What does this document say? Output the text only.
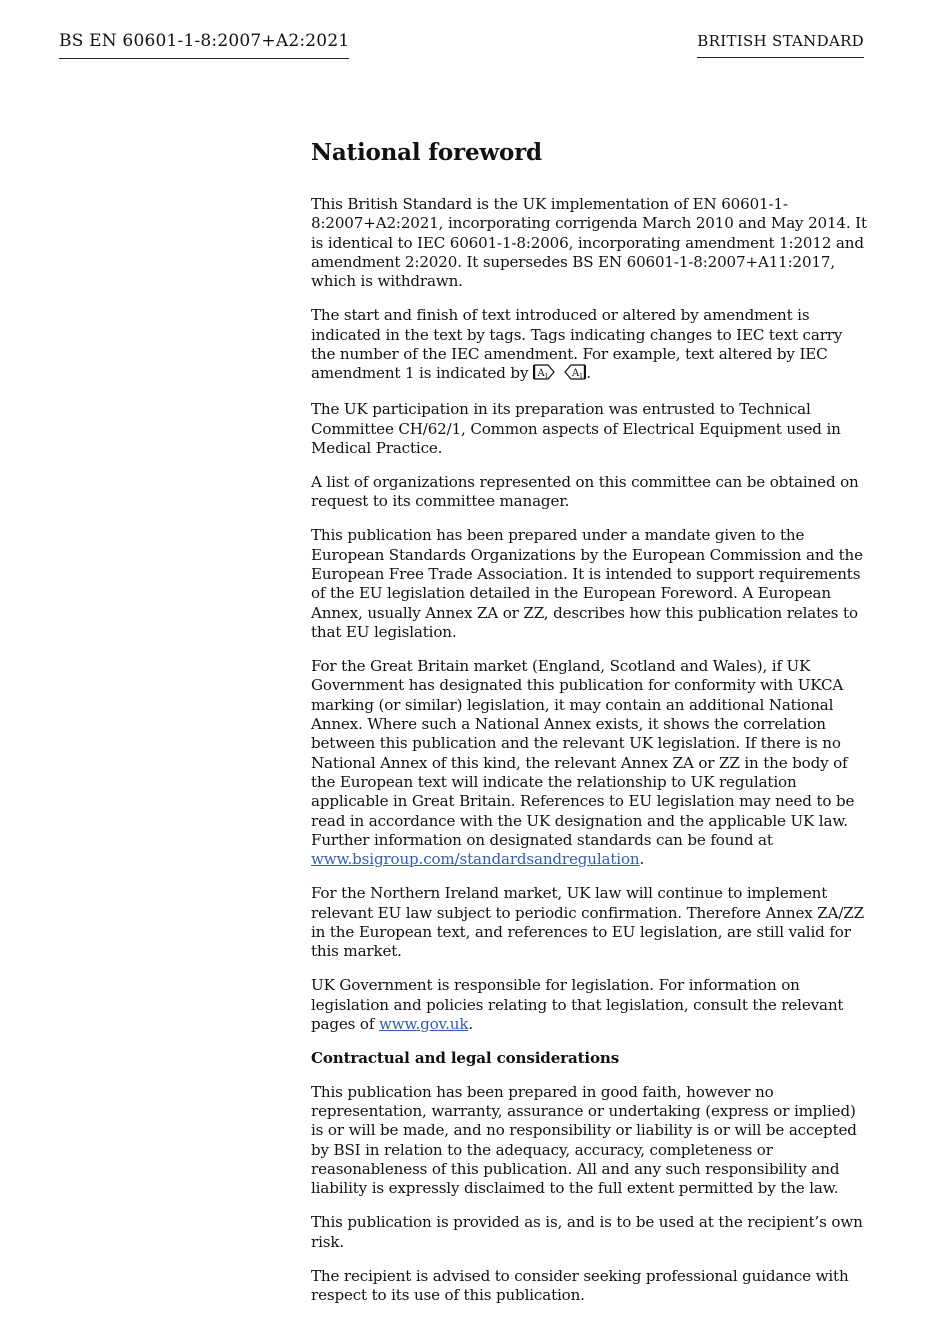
BS EN 60601-1-8:2007+A2:2021	BRITISH STANDARD
National foreword

This British Standard is the UK implementation of EN 60601-1-8:2007+A2:2021, incorporating corrigenda March 2010 and May 2014. It is identical to IEC 60601-1-8:2006, incorporating amendment 1:2012 and amendment 2:2020. It supersedes BS EN 60601-1-8:2007+A11:2017, which is withdrawn.

The start and finish of text introduced or altered by amendment is indicated in the text by tags. Tags indicating changes to IEC text carry the number of the IEC amendment. For example, text altered by IEC amendment 1 is indicated by A 1
A 1 .

The UK participation in its preparation was entrusted to Technical Committee CH/62/1, Common aspects of Electrical Equipment used in Medical Practice.

A list of organizations represented on this committee can be obtained on request to its committee manager.

This publication has been prepared under a mandate given to the European Standards Organizations by the European Commission and the European Free Trade Association. It is intended to support requirements of the EU legislation detailed in the European Foreword. A European Annex, usually Annex ZA or ZZ, describes how this publication relates to that EU legislation.

For the Great Britain market (England, Scotland and Wales), if UK Government has designated this publication for conformity with UKCA marking (or similar) legislation, it may contain an additional National Annex. Where such a National Annex exists, it shows the correlation between this publication and the relevant UK legislation. If there is no National Annex of this kind, the relevant Annex ZA or ZZ in the body of the European text will indicate the relationship to UK regulation applicable in Great Britain. References to EU legislation may need to be read in accordance with the UK designation and the applicable UK law. Further information on designated standards can be found at www.bsigroup.com/standardsandregulation.

For the Northern Ireland market, UK law will continue to implement relevant EU law subject to periodic confirmation. Therefore Annex ZA/ZZ in the European text, and references to EU legislation, are still valid for this market.

UK Government is responsible for legislation. For information on legislation and policies relating to that legislation, consult the relevant pages of www.gov.uk.

Contractual and legal considerations

This publication has been prepared in good faith, however no representation, warranty, assurance or undertaking (express or implied) is or will be made, and no responsibility or liability is or will be accepted by BSI in relation to the adequacy, accuracy, completeness or reasonableness of this publication. All and any such responsibility and liability is expressly disclaimed to the full extent permitted by the law.

This publication is provided as is, and is to be used at the recipient’s own risk.

The recipient is advised to consider seeking professional guidance with respect to its use of this publication.
